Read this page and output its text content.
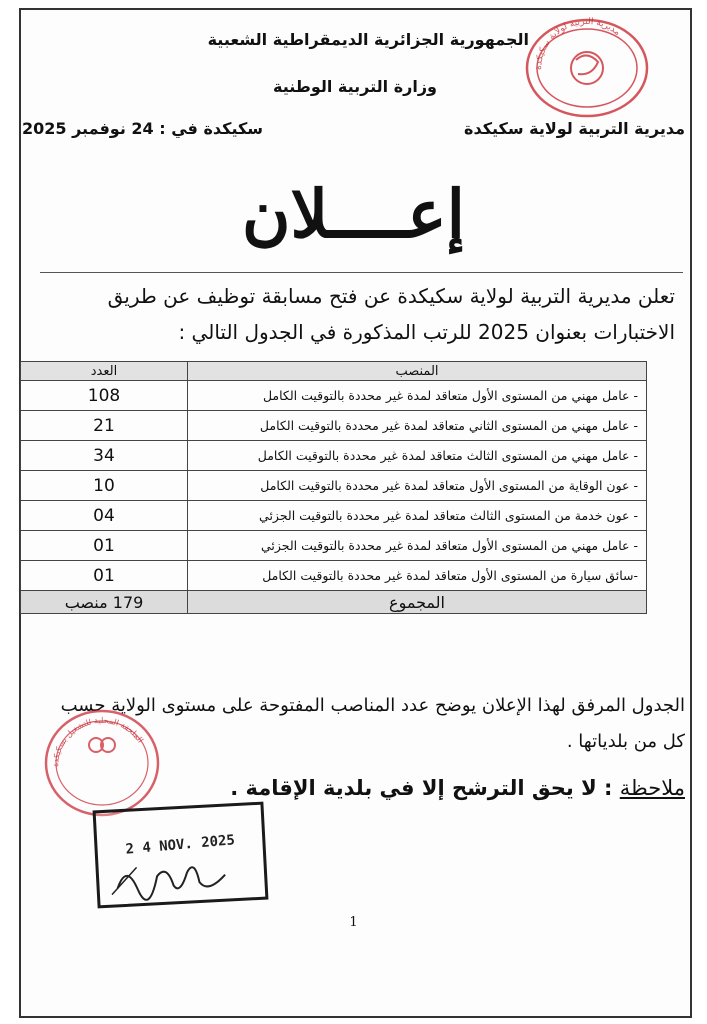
الجمهورية الجزائرية الديمقراطية الشعبية
وزارة التربية الوطنية
مديرية التربية لولاية سكيكدة
سكيكدة في : 24 نوفمبر 2025
مديرية التربية لولاية سكيكدة
إعــــلان
تعلن مديرية التربية لولاية سكيكدة عن فتح مسابقة توظيف عن طريق الاختبارات بعنوان 2025 للرتب المذكورة في الجدول التالي :
المنصب	العدد
- عامل مهني من المستوى الأول متعاقد لمدة غير محددة بالتوقيت الكامل	108
- عامل مهني من المستوى الثاني متعاقد لمدة غير محددة بالتوقيت الكامل	21
- عامل مهني من المستوى الثالث متعاقد لمدة غير محددة بالتوقيت الكامل	34
- عون الوقاية من المستوى الأول متعاقد لمدة غير محددة بالتوقيت الكامل	10
- عون خدمة من المستوى الثالث متعاقد لمدة غير محددة بالتوقيت الجزئي	04
- عامل مهني من المستوى الأول متعاقد لمدة غير محددة بالتوقيت الجزئي	01
-سائق سيارة من المستوى الأول متعاقد لمدة غير محددة بالتوقيت الكامل	01
المجموع	179 منصب
الجدول المرفق لهذا الإعلان يوضح عدد المناصب المفتوحة على مستوى الولاية حسب كل من بلدياتها .
ملاحظة : لا يحق الترشح إلا في بلدية الإقامة .
الملحقة المحلية للتشغيل بسكيكدة
2 4 NOV. 2025
1
